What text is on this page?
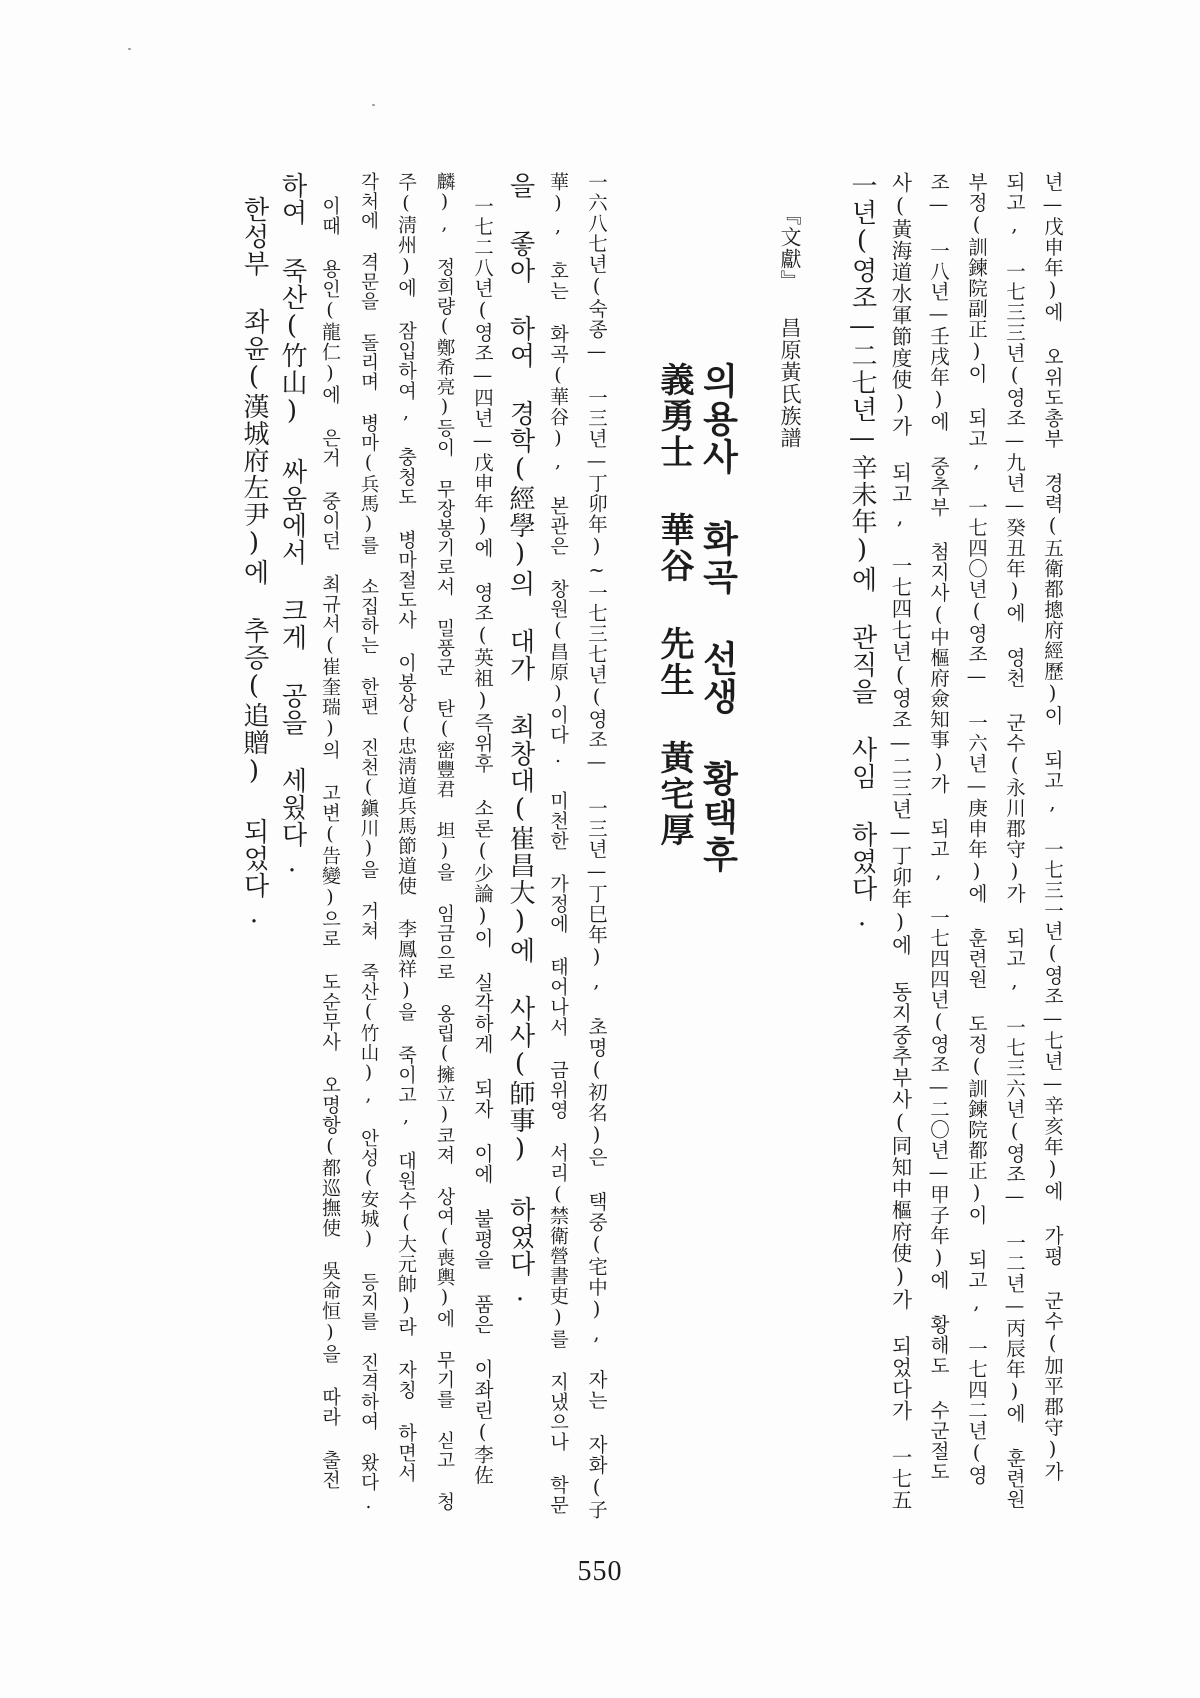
년—戊申年)에 오위도총부 경력(五衛都摠府經歷)이 되고, 一七三一년(영조—七년—辛亥年)에 가평 군수(加平郡守)가

되고, 一七三三년(영조—九년—癸丑年)에 영천 군수(永川郡守)가 되고, 一七三六년(영조— 一二년—丙辰年)에 훈련원

부정(訓鍊院副正)이 되고, 一七四〇년(영조— 一六년—庚申年)에 훈련원 도정(訓鍊院都正)이 되고, 一七四二년(영

조— 一八년—壬戌年)에 중추부 첨지사(中樞府僉知事)가 되고, 一七四四년(영조—二〇년—甲子年)에 황해도 수군절도

사(黃海道水軍節度使)가 되고, 一七四七년(영조—二三년—丁卯年)에 동지중추부사(同知中樞府使)가 되었다가 一七五

一년(영조—二七년—辛未年)에 관직을 사임 하였다.

『文獻』 昌原黃氏族譜

의용사 화곡 선생 황택후
義勇士 華谷 先生 黃宅厚

一六八七년(숙종— 一三년—丁卯年)~一七三七년(영조— 一三년—丁巳年), 초명(初名)은 택중(宅中), 자는 자화(子

華), 호는 화곡(華谷), 본관은 창원(昌原)이다. 미천한 가정에 태어나서 금위영 서리(禁衛營書吏)를 지냈으나 학문

을 좋아 하여 경학(經學)의 대가 최창대(崔昌大)에 사사(師事) 하였다.

一七二八년(영조—四년—戊申年)에 영조(英祖)즉위후 소론(少論)이 실각하게 되자 이에 불평을 품은 이좌린(李佐

麟), 정희량(鄭希亮)등이 무장봉기로서 밀풍군 탄(密豐君 坦)을 임금으로 옹립(擁立)코져 상여(喪輿)에 무기를 싣고 청

주(淸州)에 잠입하여, 충청도 병마절도사 이봉상(忠淸道兵馬節道使 李鳳祥)을 죽이고, 대원수(大元帥)라 자칭 하면서

각처에 격문을 돌리며 병마(兵馬)를 소집하는 한편 진천(鎭川)을 거쳐 죽산(竹山), 안성(安城) 등지를 진격하여 왔다.

이때 용인(龍仁)에 은거 중이던 최규서(崔奎瑞)의 고변(告變)으로 도순무사 오명항(都巡撫使 吳命恒)을 따라 출전

하여 죽산(竹山) 싸움에서 크게 공을 세웠다.

한성부 좌윤(漢城府左尹)에 추증(追贈) 되었다.

550
